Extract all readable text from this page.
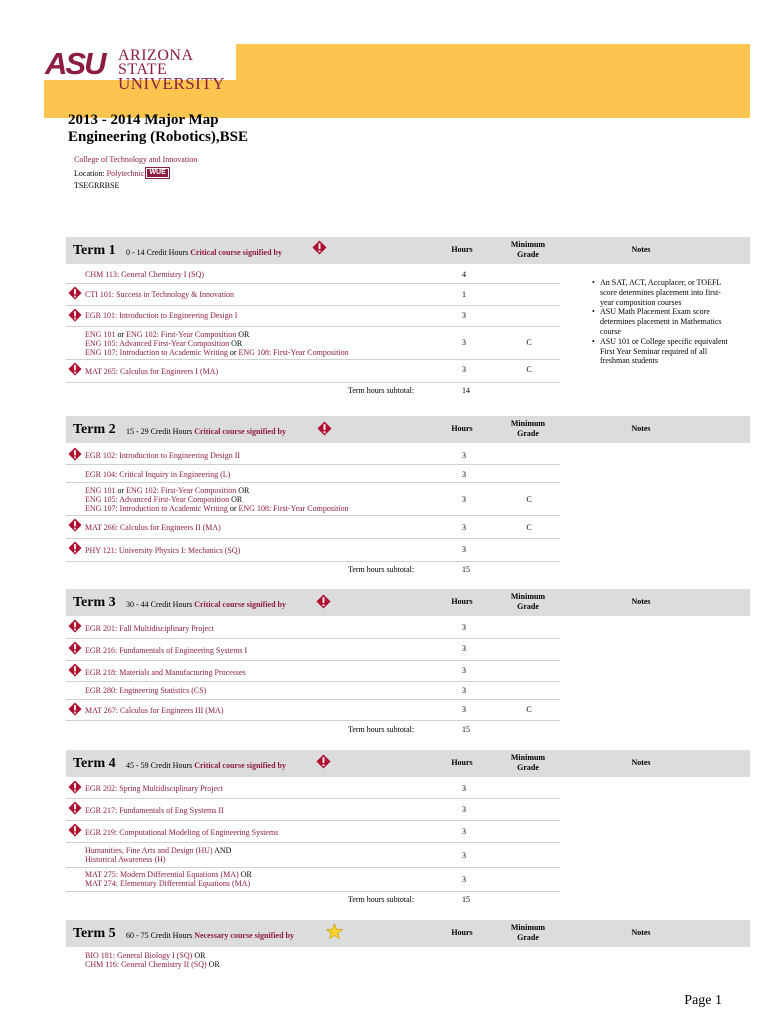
ASU ARIZONA STATE
UNIVERSITY
2013 - 2014 Major Map
Engineering (Robotics),BSE
College of Technology and Innovation
Location: Polytechnic WUE
TSEGRRBSE
Term 1 0 - 14 Credit Hours Critical course signified by	Hours
Minimum
Grade
Notes
CHM 113: General Chemistry I (SQ)	4
CTI 101: Success in Technology & Innovation	1
EGR 101: Introduction to Engineering Design I	3
ENG 101 or ENG 102: First-Year Composition OR
ENG 105: Advanced First-Year Composition OR
ENG 107: Introduction to Academic Writing or ENG 108: First-Year Composition
3	C
MAT 265: Calculus for Engineers I (MA)	3	C
Term hours subtotal:	14
• An SAT, ACT, Accuplacer, or TOEFL score determines placement into first-year composition courses
• ASU Math Placement Exam score determines placement in Mathematics course
• ASU 101 or College specific equivalent First Year Seminar required of all freshman students
Term 2 15 - 29 Credit Hours Critical course signified by	Hours
Minimum
Grade
Notes
EGR 102: Introduction to Engineering Design II	3
EGR 104: Critical Inquiry in Engineering (L)	3
ENG 101 or ENG 102: First-Year Composition OR
ENG 105: Advanced First-Year Composition OR
ENG 107: Introduction to Academic Writing or ENG 108: First-Year Composition
3	C
MAT 266: Calculus for Engineers II (MA)	3	C
PHY 121: University Physics I: Mechanics (SQ)	3
Term hours subtotal:	15
Term 3 30 - 44 Credit Hours Critical course signified by	Hours
Minimum
Grade
Notes
EGR 201: Fall Multidisciplinary Project	3
EGR 216: Fundamentals of Engineering Systems I	3
EGR 218: Materials and Manufacturing Processes	3
EGR 280: Engineering Statistics (CS)	3
MAT 267: Calculus for Engineers III (MA)	3	C
Term hours subtotal:	15
Term 4 45 - 59 Credit Hours Critical course signified by	Hours
Minimum
Grade
Notes
EGR 202: Spring Multidisciplinary Project	3
EGR 217: Fundamentals of Eng Systems II	3
EGR 219: Computational Modeling of Engineering Systems	3
Humanities, Fine Arts and Design (HU) AND
Historical Awareness (H)	3
MAT 275: Modern Differential Equations (MA) OR
MAT 274: Elementary Differential Equations (MA)	3
Term hours subtotal:	15
Term 5 60 - 75 Credit Hours Necessary course signified by	Hours
Minimum
Grade
Notes
BIO 181: General Biology I (SQ) OR
CHM 116: General Chemistry II (SQ) OR
Page 1
